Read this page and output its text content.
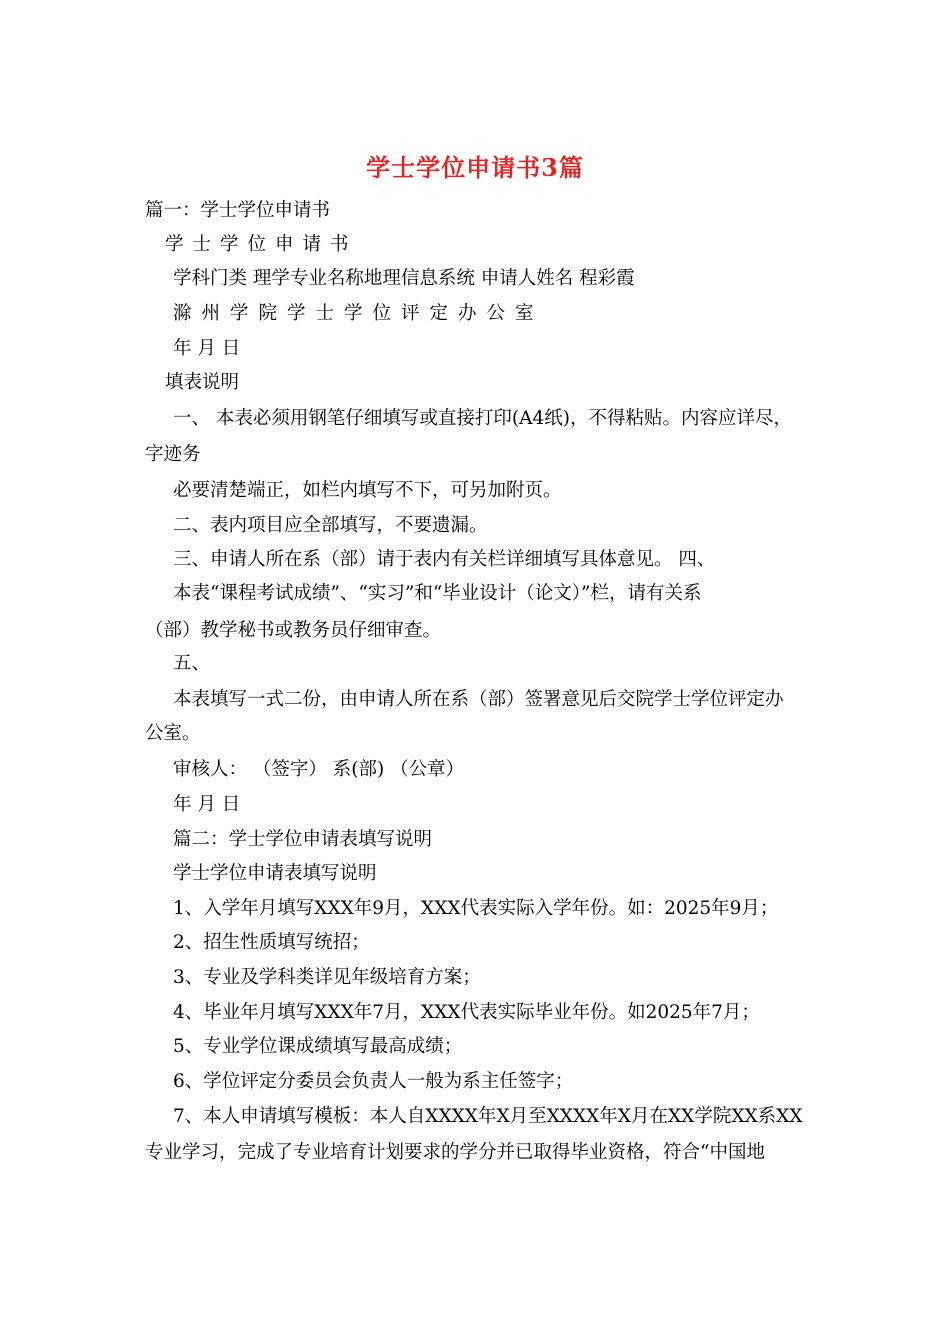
学士学位申请书3篇
篇一：学士学位申请书
学士学位申请书
学科门类 理学专业名称地理信息系统 申请人姓名 程彩霞
滁州学院学士学位评定办公室
年 月 日
填表说明
一、 本表必须用钢笔仔细填写或直接打印(A4纸)，不得粘贴。内容应详尽，
字迹务
必要清楚端正，如栏内填写不下，可另加附页。
二、表内项目应全部填写，不要遗漏。
三、申请人所在系（部）请于表内有关栏详细填写具体意见。 四、
本表“课程考试成绩”、“实习”和“毕业设计（论文）”栏，请有关系
（部）教学秘书或教务员仔细审查。
五、
本表填写一式二份，由申请人所在系（部）签署意见后交院学士学位评定办
公室。
审核人： （签字） 系(部) （公章）
年 月 日
篇二：学士学位申请表填写说明
学士学位申请表填写说明
1、入学年月填写XXX年9月，XXX代表实际入学年份。如：2025年9月；
2、招生性质填写统招；
3、专业及学科类详见年级培育方案；
4、毕业年月填写XXX年7月，XXX代表实际毕业年份。如2025年7月；
5、专业学位课成绩填写最高成绩；
6、学位评定分委员会负责人一般为系主任签字；
7、本人申请填写模板：本人自XXXX年X月至XXXX年X月在XX学院XX系XX
专业学习，完成了专业培育计划要求的学分并已取得毕业资格，符合“中国地
